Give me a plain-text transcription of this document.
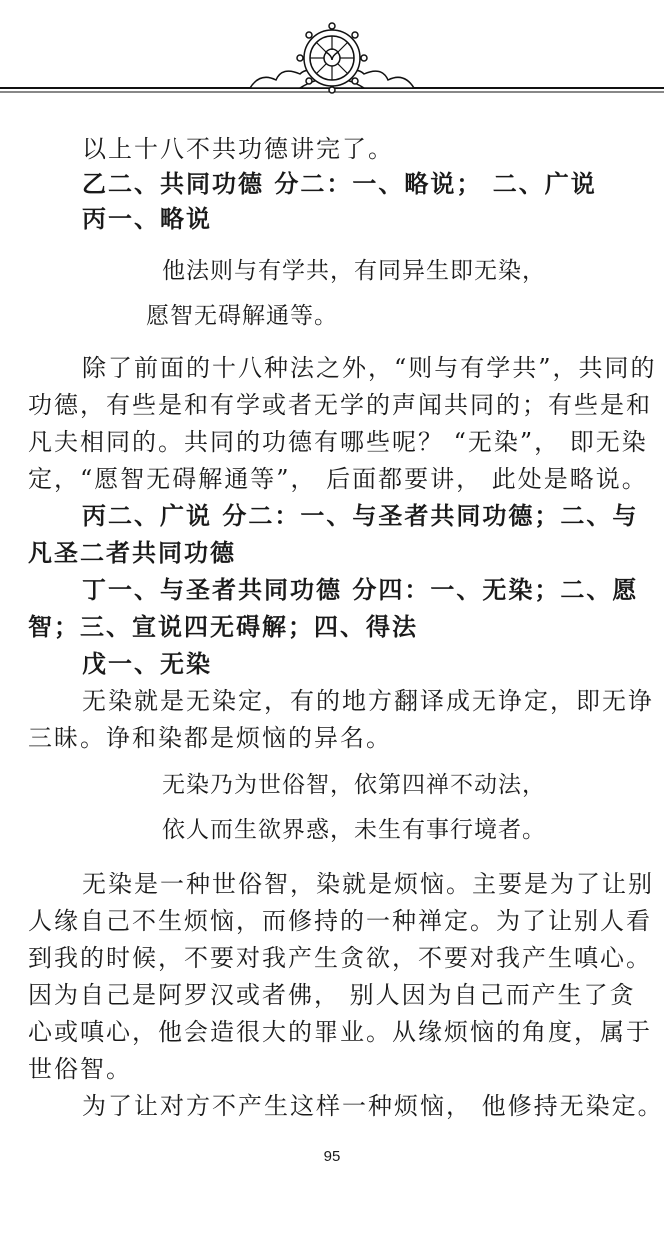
以上十八不共功德讲完了。
乙二、共同功德 分二：一、略说； 二、广说
丙一、略说
他法则与有学共，有同异生即无染，
愿智无碍解通等。
除了前面的十八种法之外，“则与有学共”，共同的
功德，有些是和有学或者无学的声闻共同的；有些是和
凡夫相同的。共同的功德有哪些呢？ “无染”， 即无染
定，“愿智无碍解通等”， 后面都要讲， 此处是略说。
丙二、广说 分二：一、与圣者共同功德；二、与
凡圣二者共同功德
丁一、与圣者共同功德 分四：一、无染；二、愿
智；三、宣说四无碍解；四、得法
戊一、无染
无染就是无染定，有的地方翻译成无诤定，即无诤
三昧。诤和染都是烦恼的异名。
无染乃为世俗智，依第四禅不动法，
依人而生欲界惑，未生有事行境者。
无染是一种世俗智，染就是烦恼。主要是为了让别
人缘自己不生烦恼，而修持的一种禅定。为了让别人看
到我的时候，不要对我产生贪欲，不要对我产生嗔心。
因为自己是阿罗汉或者佛， 别人因为自己而产生了贪
心或嗔心，他会造很大的罪业。从缘烦恼的角度，属于
世俗智。
为了让对方不产生这样一种烦恼， 他修持无染定。
95
